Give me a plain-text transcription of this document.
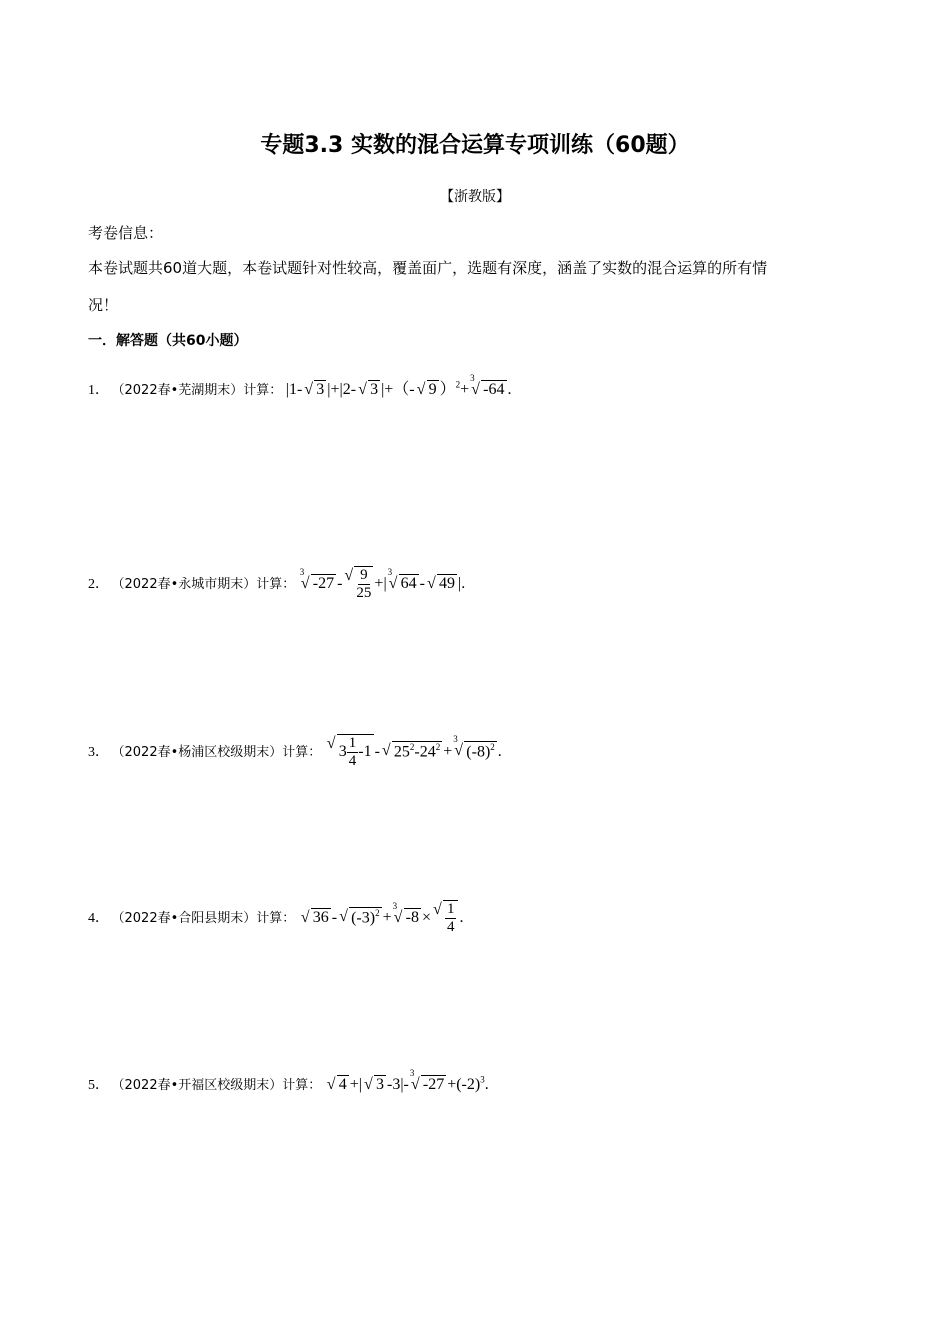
专题3.3 实数的混合运算专项训练（60题）
【浙教版】
考卷信息：
本卷试题共60道大题，本卷试题针对性较高，覆盖面广，选题有深度，涵盖了实数的混合运算的所有情
况！
一．解答题（共60小题）
1． （2022春•芜湖期末）计算： |1- √ 3 |+|2- √ 3 |+（- √ 9 ）$^2$+
3
√ -64 .
2． （2022春•永城市期末）计算：
3
√ -27 - √ $\frac{9}{25}$ +|
3
√ 64 - √ 49 |.
3． （2022春•杨浦区校级期末）计算：
√ $3 \frac{1}{4} -1$ - √ $25^2-24^2$ +
3
√ $(-8)^2$ .
4． （2022春•合阳县期末）计算： √ 36 - √ $(-3)^2$ +
3
√ -8 × √ $\frac{1}{4}$ .
5． （2022春•开福区校级期末）计算： √ 4 +| √ 3 -3|-
3
√ $-27 +(-2)^3$.
